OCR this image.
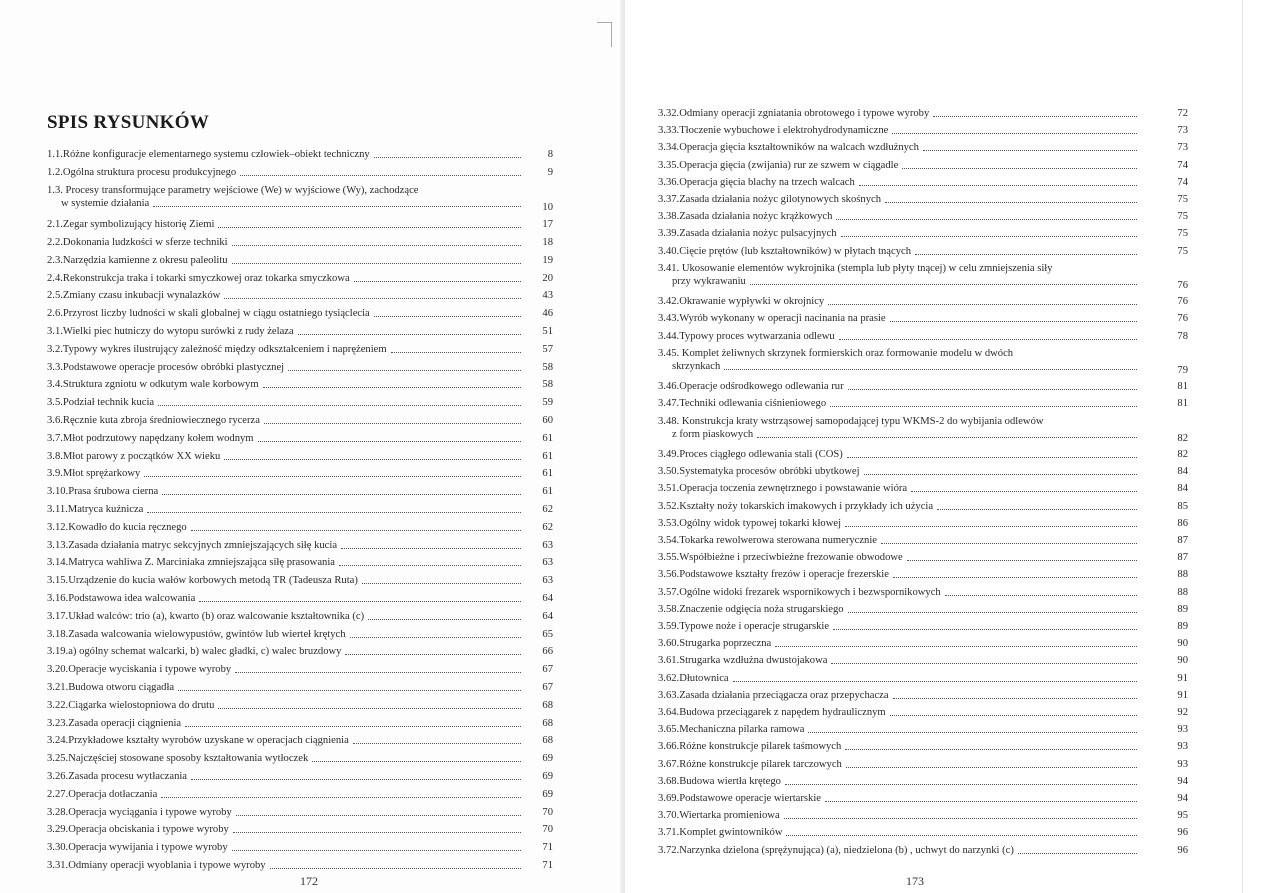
SPIS RYSUNKÓW
1.1. Różne konfiguracje elementarnego systemu człowiek–obiekt techniczny	8
1.2. Ogólna struktura procesu produkcyjnego	9
1.3. Procesy transformujące parametry wejściowe (We) w wyjściowe (Wy), zachodzące
w systemie działania	10
2.1. Zegar symbolizujący historię Ziemi	17
2.2. Dokonania ludzkości w sferze techniki	18
2.3. Narzędzia kamienne z okresu paleolitu	19
2.4. Rekonstrukcja traka i tokarki smyczkowej oraz tokarka smyczkowa	20
2.5. Zmiany czasu inkubacji wynalazków	43
2.6. Przyrost liczby ludności w skali globalnej w ciągu ostatniego tysiąclecia	46
3.1. Wielki piec hutniczy do wytopu surówki z rudy żelaza	51
3.2. Typowy wykres ilustrujący zależność między odkształceniem i naprężeniem	57
3.3. Podstawowe operacje procesów obróbki plastycznej	58
3.4. Struktura zgniotu w odkutym wale korbowym	58
3.5. Podział technik kucia	59
3.6. Ręcznie kuta zbroja średniowiecznego rycerza	60
3.7. Młot podrzutowy napędzany kołem wodnym	61
3.8. Młot parowy z początków XX wieku	61
3.9. Młot sprężarkowy	61
3.10. Prasa śrubowa cierna	61
3.11. Matryca kuźnicza	62
3.12. Kowadło do kucia ręcznego	62
3.13. Zasada działania matryc sekcyjnych zmniejszających siłę kucia	63
3.14. Matryca wahliwa Z. Marciniaka zmniejszająca siłę prasowania	63
3.15. Urządzenie do kucia wałów korbowych metodą TR (Tadeusza Ruta)	63
3.16. Podstawowa idea walcowania	64
3.17. Układ walców: trio (a), kwarto (b) oraz walcowanie kształtownika (c)	64
3.18. Zasada walcowania wielowypustów, gwintów lub wierteł krętych	65
3.19. a) ogólny schemat walcarki, b) walec gładki, c) walec bruzdowy	66
3.20. Operacje wyciskania i typowe wyroby	67
3.21. Budowa otworu ciągadła	67
3.22. Ciągarka wielostopniowa do drutu	68
3.23. Zasada operacji ciągnienia	68
3.24. Przykładowe kształty wyrobów uzyskane w operacjach ciągnienia	68
3.25. Najczęściej stosowane sposoby kształtowania wytłoczek	69
3.26. Zasada procesu wytłaczania	69
2.27. Operacja dotłaczania	69
3.28. Operacja wyciągania i typowe wyroby	70
3.29. Operacja obciskania i typowe wyroby	70
3.30. Operacja wywijania i typowe wyroby	71
3.31. Odmiany operacji wyoblania i typowe wyroby	71
172
3.32. Odmiany operacji zgniatania obrotowego i typowe wyroby	72
3.33. Tłoczenie wybuchowe i elektrohydrodynamiczne	73
3.34. Operacja gięcia kształtowników na walcach wzdłużnych	73
3.35. Operacja gięcia (zwijania) rur ze szwem w ciągadle	74
3.36. Operacja gięcia blachy na trzech walcach	74
3.37. Zasada działania nożyc gilotynowych skośnych	75
3.38. Zasada działania nożyc krążkowych	75
3.39. Zasada działania nożyc pulsacyjnych	75
3.40. Cięcie prętów (lub kształtowników) w płytach tnących	75
3.41. Ukosowanie elementów wykrojnika (stempla lub płyty tnącej) w celu zmniejszenia siły
przy wykrawaniu	76
3.42. Okrawanie wypływki w okrojnicy	76
3.43. Wyrób wykonany w operacji nacinania na prasie	76
3.44. Typowy proces wytwarzania odlewu	78
3.45. Komplet żeliwnych skrzynek formierskich oraz formowanie modelu w dwóch
skrzynkach	79
3.46. Operacje odśrodkowego odlewania rur	81
3.47. Techniki odlewania ciśnieniowego	81
3.48. Konstrukcja kraty wstrząsowej samopodającej typu WKMS-2 do wybijania odlewów
z form piaskowych	82
3.49. Proces ciągłego odlewania stali (COS)	82
3.50. Systematyka procesów obróbki ubytkowej	84
3.51. Operacja toczenia zewnętrznego i powstawanie wióra	84
3.52. Kształty noży tokarskich imakowych i przykłady ich użycia	85
3.53. Ogólny widok typowej tokarki kłowej	86
3.54. Tokarka rewolwerowa sterowana numerycznie	87
3.55. Współbieżne i przeciwbieżne frezowanie obwodowe	87
3.56. Podstawowe kształty frezów i operacje frezerskie	88
3.57. Ogólne widoki frezarek wspornikowych i bezwspornikowych	88
3.58. Znaczenie odgięcia noża strugarskiego	89
3.59. Typowe noże i operacje strugarskie	89
3.60. Strugarka poprzeczna	90
3.61. Strugarka wzdłużna dwustojakowa	90
3.62. Dłutownica	91
3.63. Zasada działania przeciągacza oraz przepychacza	91
3.64. Budowa przeciągarek z napędem hydraulicznym	92
3.65. Mechaniczna pilarka ramowa	93
3.66. Różne konstrukcje pilarek taśmowych	93
3.67. Różne konstrukcje pilarek tarczowych	93
3.68. Budowa wiertła krętego	94
3.69. Podstawowe operacje wiertarskie	94
3.70. Wiertarka promieniowa	95
3.71. Komplet gwintowników	96
3.72. Narzynka dzielona (sprężynująca) (a), niedzielona (b) , uchwyt do narzynki (c)	96
173
